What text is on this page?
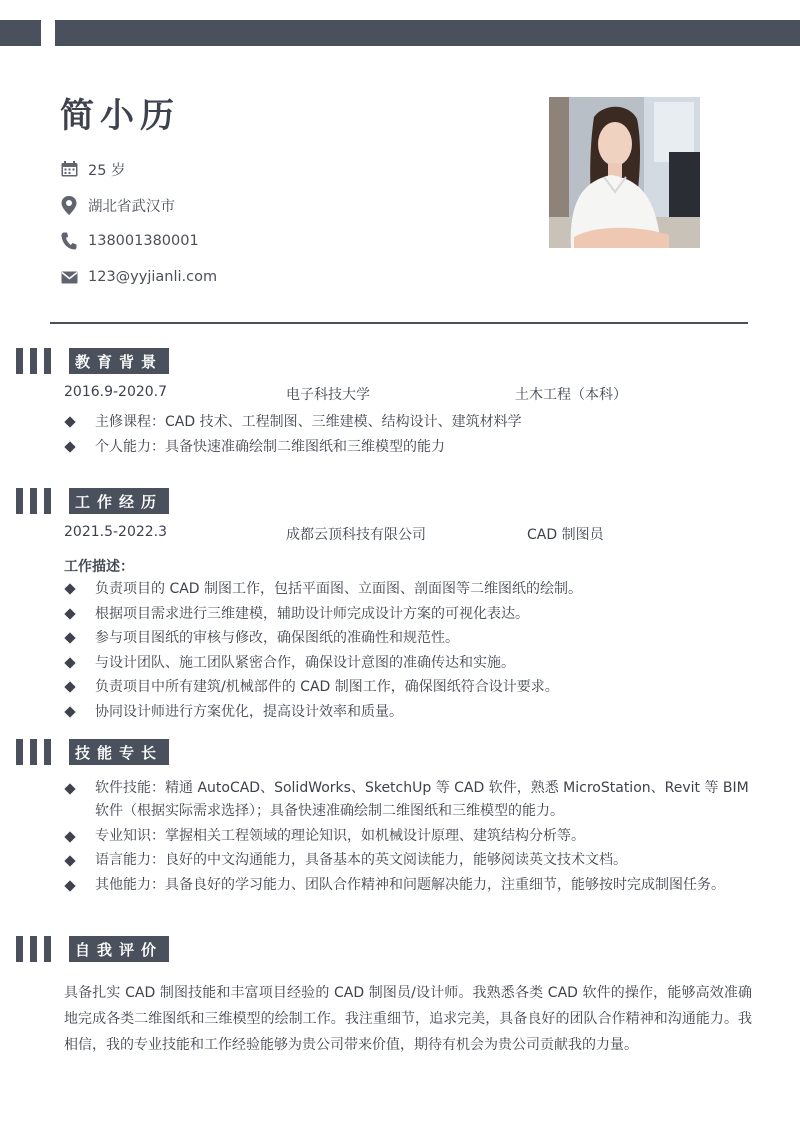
简小历
25 岁
湖北省武汉市
138001380001
123@yyjianli.com
教育背景
2016.9-2020.7	电子科技大学	土木工程（本科）
主修课程：CAD 技术、工程制图、三维建模、结构设计、建筑材料学
个人能力：具备快速准确绘制二维图纸和三维模型的能力
工作经历
2021.5-2022.3	成都云顶科技有限公司	CAD 制图员
工作描述：
负责项目的 CAD 制图工作，包括平面图、立面图、剖面图等二维图纸的绘制。
根据项目需求进行三维建模，辅助设计师完成设计方案的可视化表达。
参与项目图纸的审核与修改，确保图纸的准确性和规范性。
与设计团队、施工团队紧密合作，确保设计意图的准确传达和实施。
负责项目中所有建筑/机械部件的 CAD 制图工作，确保图纸符合设计要求。
协同设计师进行方案优化，提高设计效率和质量。
技能专长
软件技能：精通 AutoCAD、SolidWorks、SketchUp 等 CAD 软件，熟悉 MicroStation、Revit 等 BIM 软件（根据实际需求选择）；具备快速准确绘制二维图纸和三维模型的能力。
专业知识：掌握相关工程领域的理论知识，如机械设计原理、建筑结构分析等。
语言能力：良好的中文沟通能力，具备基本的英文阅读能力，能够阅读英文技术文档。
其他能力：具备良好的学习能力、团队合作精神和问题解决能力，注重细节，能够按时完成制图任务。
自我评价
具备扎实 CAD 制图技能和丰富项目经验的 CAD 制图员/设计师。我熟悉各类 CAD 软件的操作，能够高效准确地完成各类二维图纸和三维模型的绘制工作。我注重细节，追求完美，具备良好的团队合作精神和沟通能力。我相信，我的专业技能和工作经验能够为贵公司带来价值，期待有机会为贵公司贡献我的力量。
